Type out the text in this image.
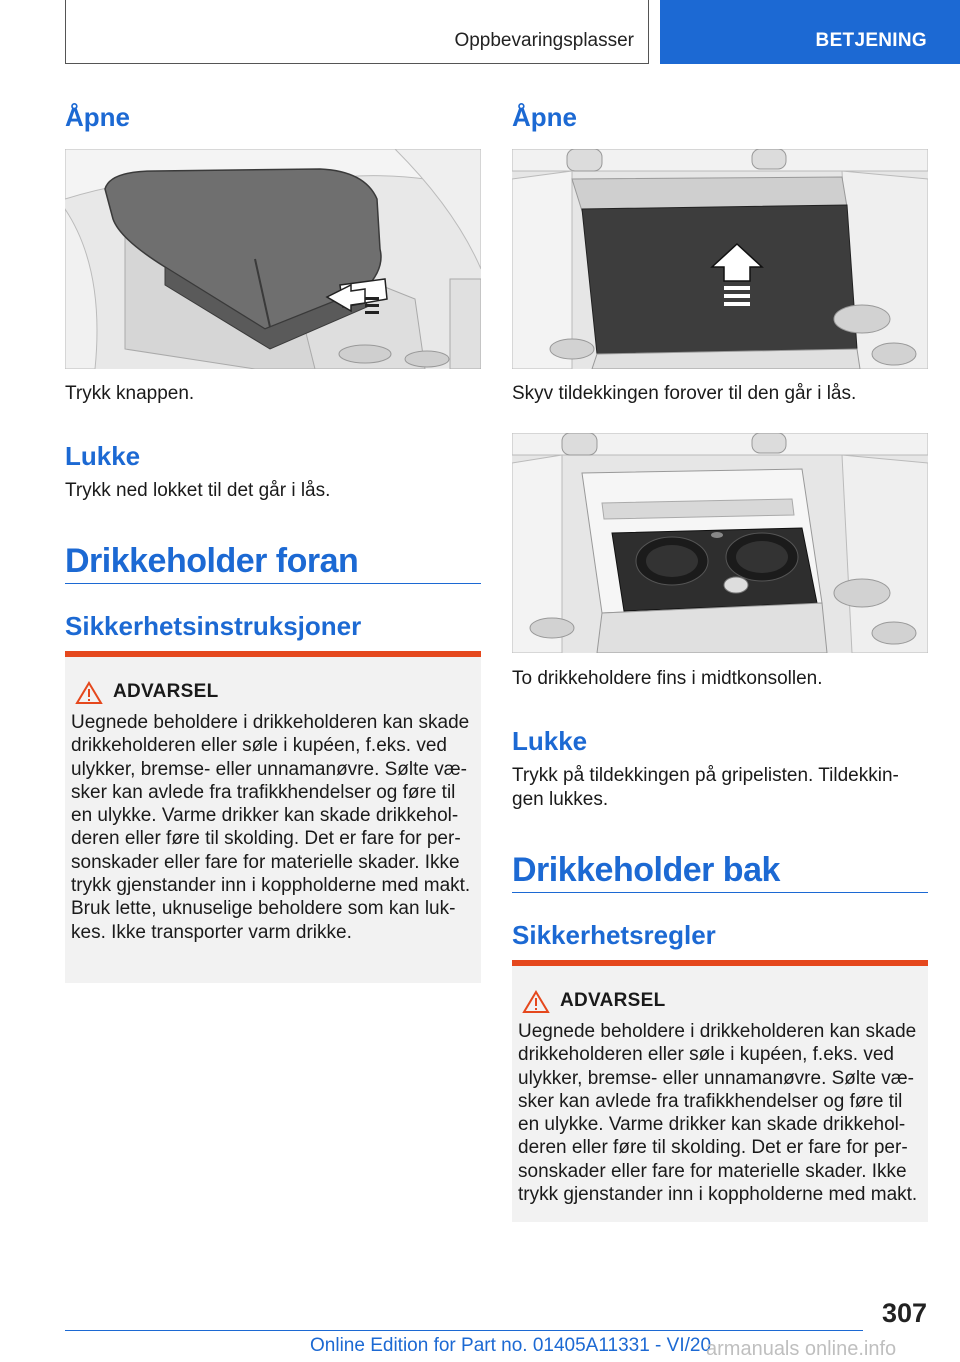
Oppbevaringsplasser	BETJENING
Åpne

Trykk knappen.

Lukke

Trykk ned lokket til det går i lås.

Drikkeholder foran
Sikkerhetsinstruksjoner
ADVARSEL

Uegnede beholdere i drikkeholderen kan skade
drikkeholderen eller søle i kupéen, f.eks. ved
ulykker, bremse- eller unnamanøvre. Sølte væ‐
sker kan avlede fra trafikkhendelser og føre til
en ulykke. Varme drikker kan skade drikkehol‐
deren eller føre til skolding. Det er fare for per‐
sonskader eller fare for materielle skader. Ikke
trykk gjenstander inn i koppholderne med makt.
Bruk lette, uknuselige beholdere som kan luk‐
kes. Ikke transporter varm drikke.

Åpne

Skyv tildekkingen forover til den går i lås.

To drikkeholdere fins i midtkonsollen.

Lukke

Trykk på tildekkingen på gripelisten. Tildekkin‐
gen lukkes.

Drikkeholder bak
Sikkerhetsregler
ADVARSEL

Uegnede beholdere i drikkeholderen kan skade
drikkeholderen eller søle i kupéen, f.eks. ved
ulykker, bremse- eller unnamanøvre. Sølte væ‐
sker kan avlede fra trafikkhendelser og føre til
en ulykke. Varme drikker kan skade drikkehol‐
deren eller føre til skolding. Det er fare for per‐
sonskader eller fare for materielle skader. Ikke
trykk gjenstander inn i koppholderne med makt.

307
Online Edition for Part no. 01405A11331 - VI/20
armanuals online.info
